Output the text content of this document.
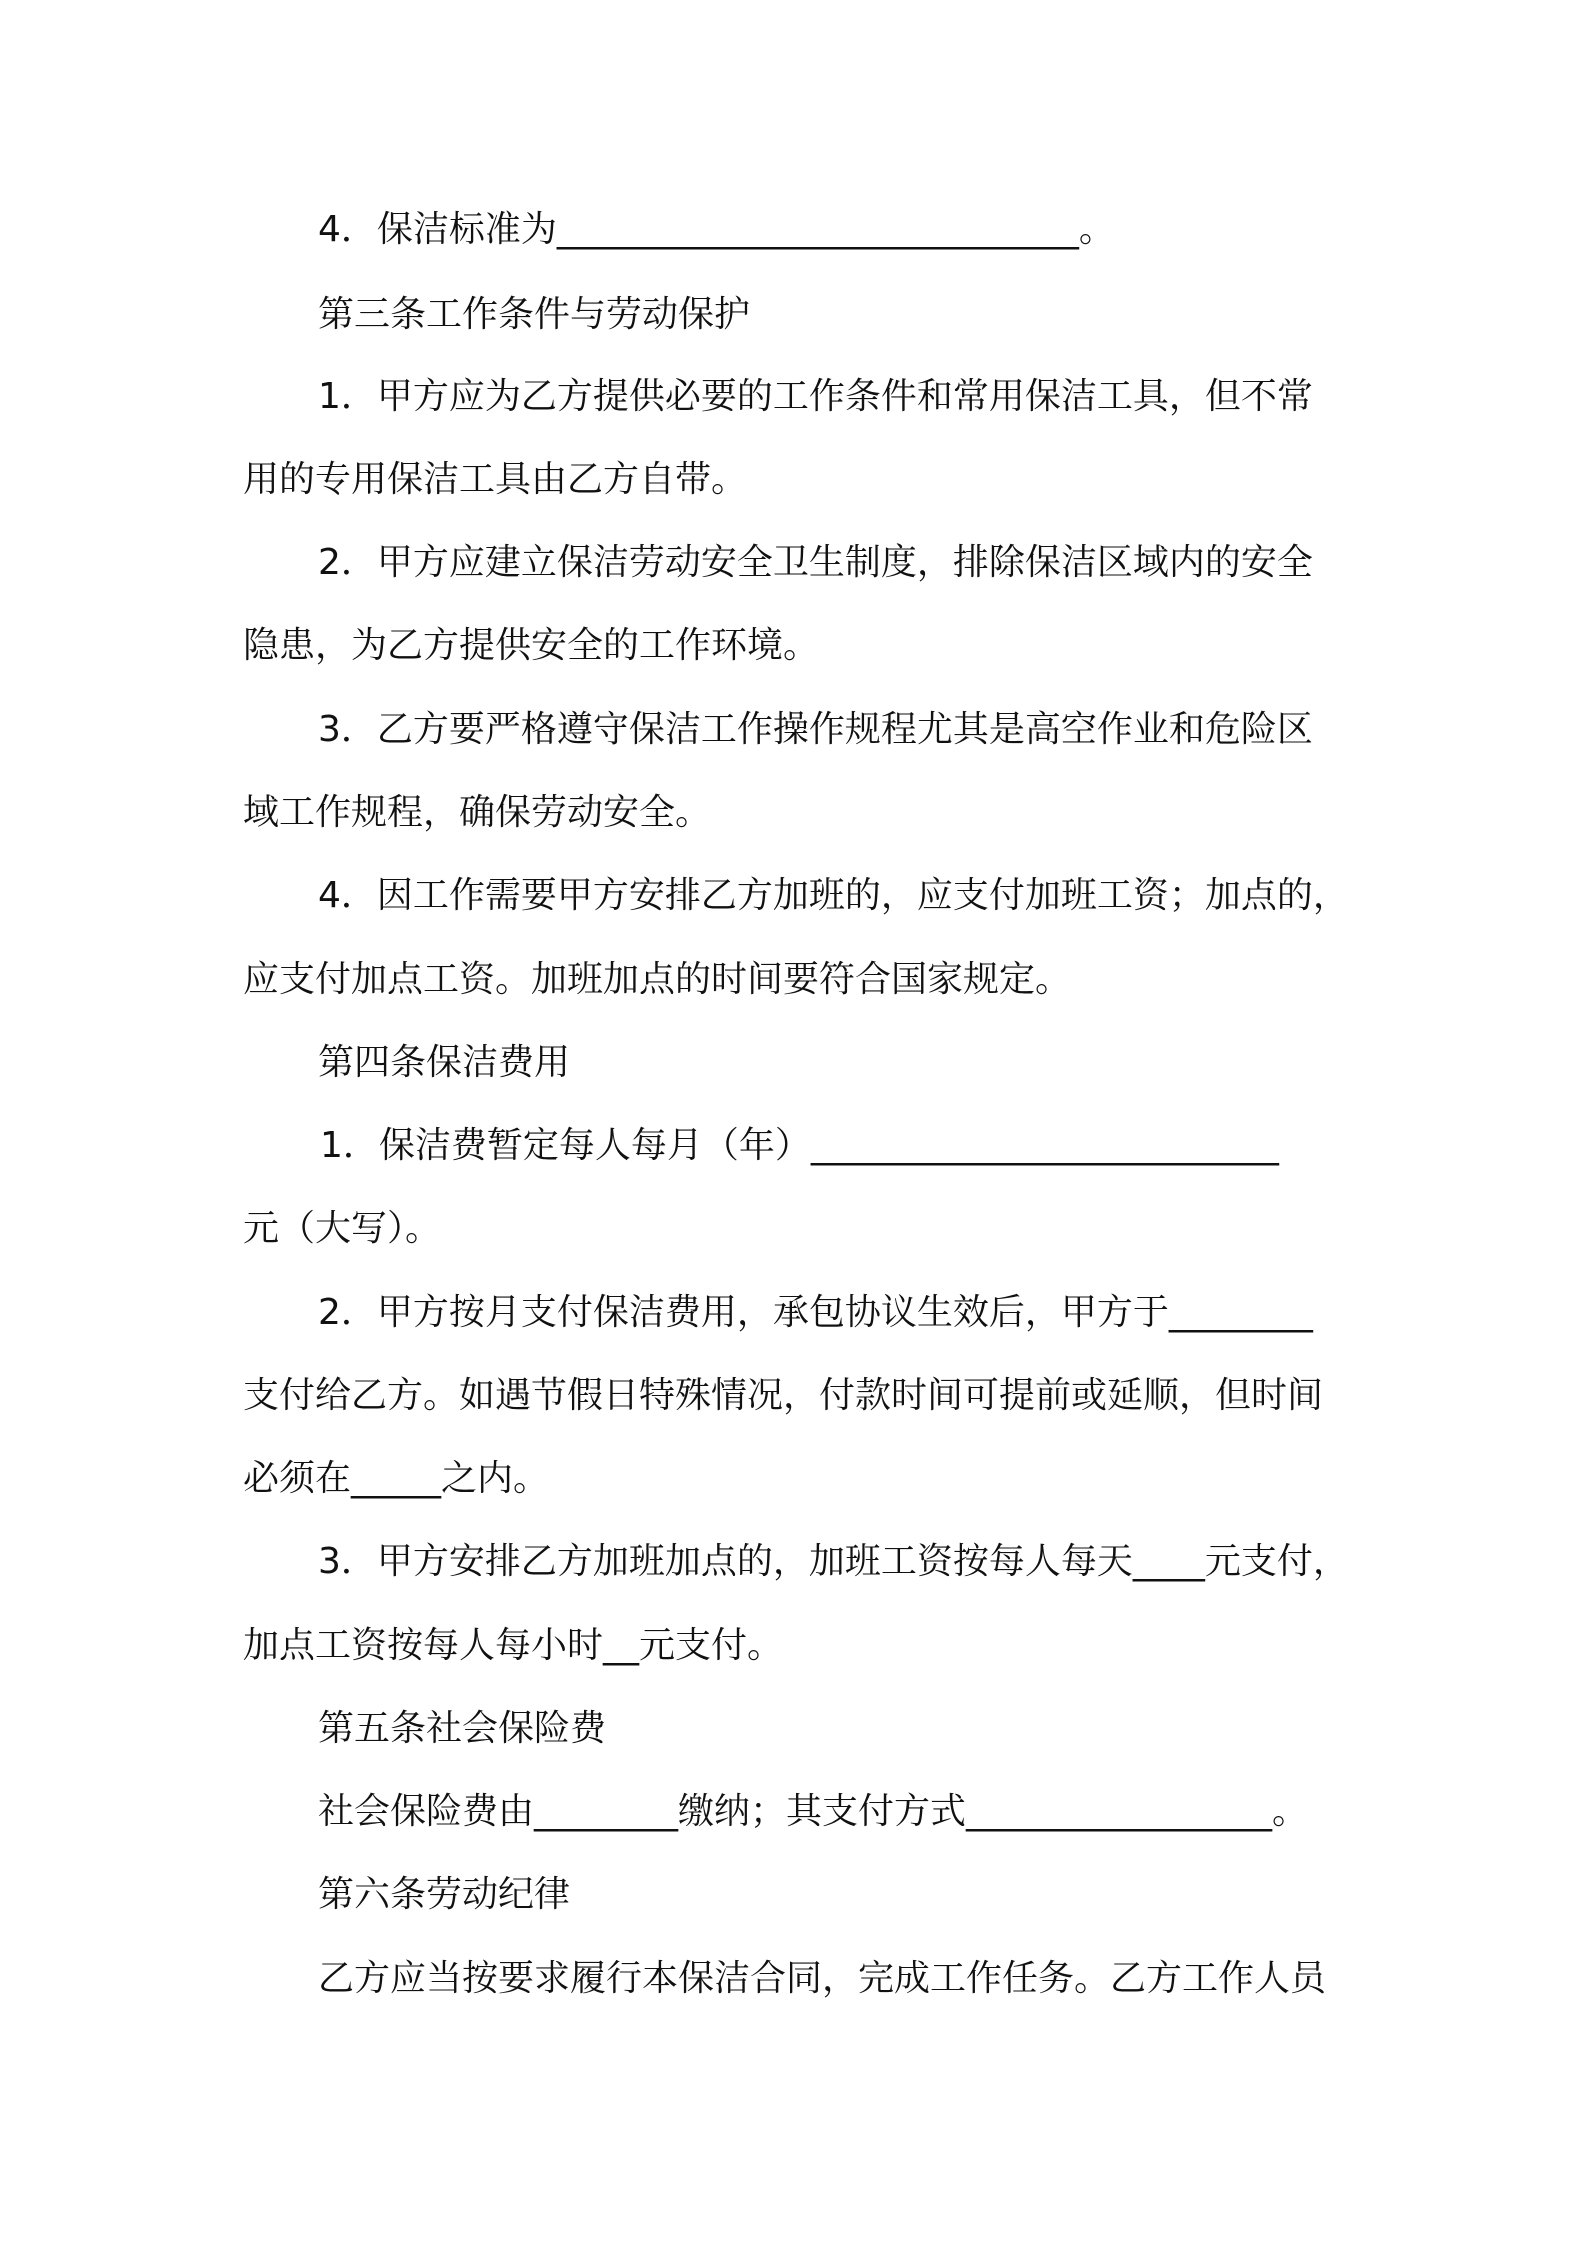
4．保洁标准为_____________________________。
第三条工作条件与劳动保护
1．甲方应为乙方提供必要的工作条件和常用保洁工具，但不常
用的专用保洁工具由乙方自带。
2．甲方应建立保洁劳动安全卫生制度，排除保洁区域内的安全
隐患，为乙方提供安全的工作环境。
3．乙方要严格遵守保洁工作操作规程尤其是高空作业和危险区
域工作规程，确保劳动安全。
4．因工作需要甲方安排乙方加班的，应支付加班工资；加点的，
应支付加点工资。加班加点的时间要符合国家规定。
第四条保洁费用
1．保洁费暂定每人每月（年）__________________________
元（大写）。
2．甲方按月支付保洁费用，承包协议生效后，甲方于________
支付给乙方。如遇节假日特殊情况，付款时间可提前或延顺，但时间
必须在_____之内。
3．甲方安排乙方加班加点的，加班工资按每人每天____元支付，
加点工资按每人每小时__元支付。
第五条社会保险费
社会保险费由________缴纳；其支付方式_________________。
第六条劳动纪律
乙方应当按要求履行本保洁合同，完成工作任务。乙方工作人员
